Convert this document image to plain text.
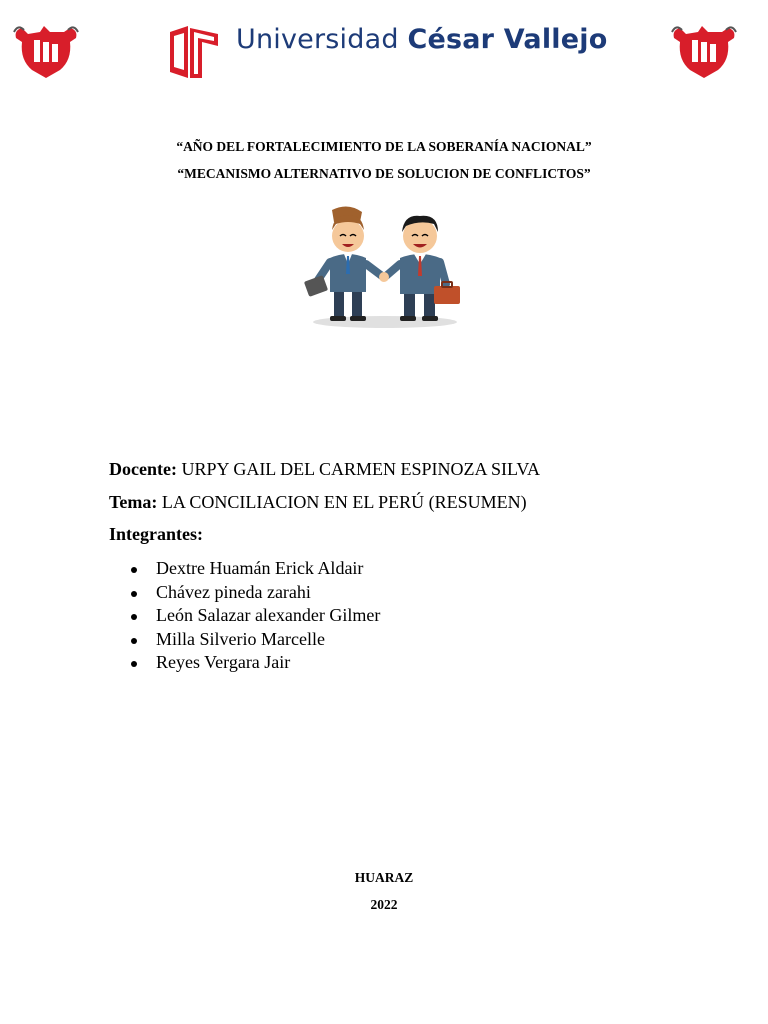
Universidad César Vallejo
“AÑO DEL FORTALECIMIENTO DE LA SOBERANÍA NACIONAL”
“MECANISMO ALTERNATIVO DE SOLUCION DE CONFLICTOS”
Docente: URPY GAIL DEL CARMEN ESPINOZA SILVA
Tema: LA CONCILIACION EN EL PERÚ (RESUMEN)
Integrantes:
Dextre Huamán Erick Aldair
Chávez pineda zarahi
León Salazar alexander Gilmer
Milla Silverio Marcelle
Reyes Vergara Jair
HUARAZ
2022
